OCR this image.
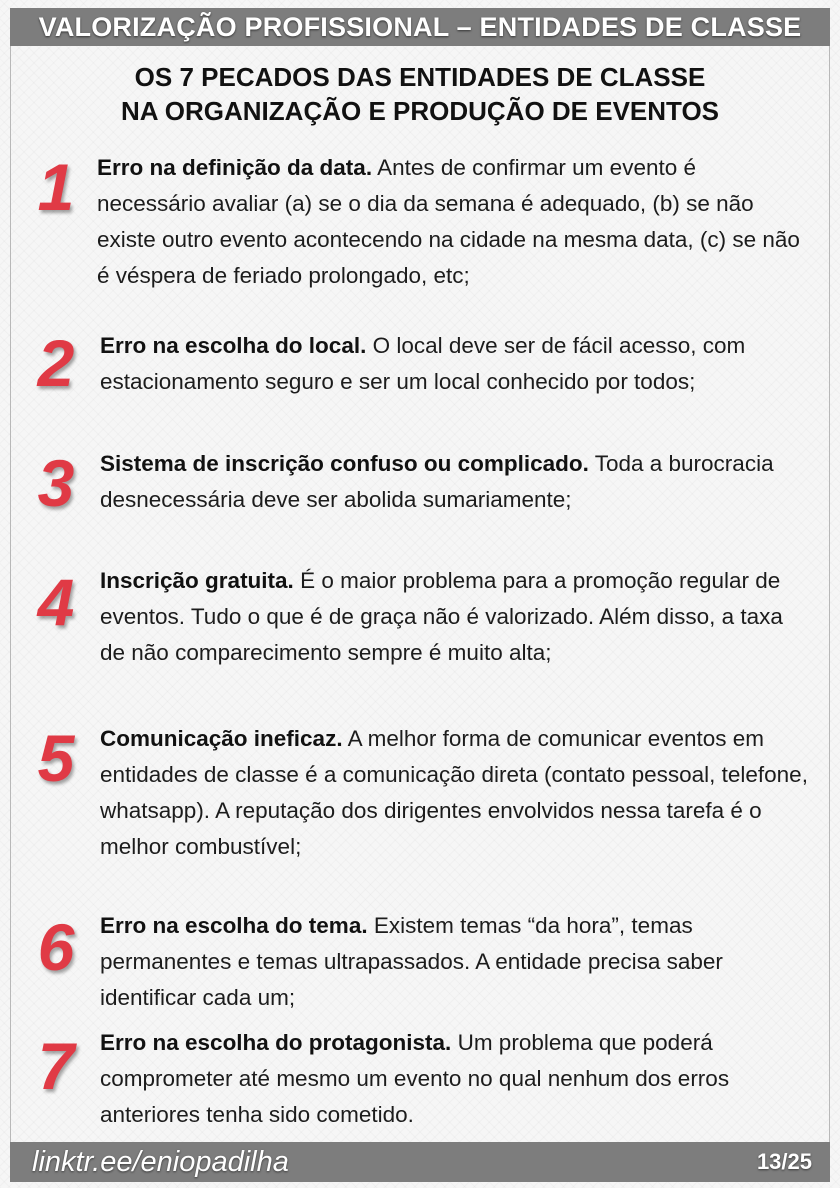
VALORIZAÇÃO PROFISSIONAL – ENTIDADES DE CLASSE
OS 7 PECADOS DAS ENTIDADES DE CLASSE
NA ORGANIZAÇÃO E PRODUÇÃO DE EVENTOS
1	Erro na definição da data. Antes de confirmar um evento é necessário avaliar (a) se o dia da semana é adequado, (b) se não existe outro evento acontecendo na cidade na mesma data, (c) se não é véspera de feriado prolongado, etc;
2	Erro na escolha do local. O local deve ser de fácil acesso, com estacionamento seguro e ser um local conhecido por todos;
3	Sistema de inscrição confuso ou complicado. Toda a burocracia desnecessária deve ser abolida sumariamente;
4	Inscrição gratuita. É o maior problema para a promoção regular de eventos. Tudo o que é de graça não é valorizado. Além disso, a taxa de não comparecimento sempre é muito alta;
5	Comunicação ineficaz. A melhor forma de comunicar eventos em entidades de classe é a comunicação direta (contato pessoal, telefone, whatsapp). A reputação dos dirigentes envolvidos nessa tarefa é o melhor combustível;
6	Erro na escolha do tema. Existem temas “da hora”, temas permanentes e temas ultrapassados. A entidade precisa saber identificar cada um;
7	Erro na escolha do protagonista. Um problema que poderá comprometer até mesmo um evento no qual nenhum dos erros anteriores tenha sido cometido.
linktr.ee/eniopadilha	13/25
